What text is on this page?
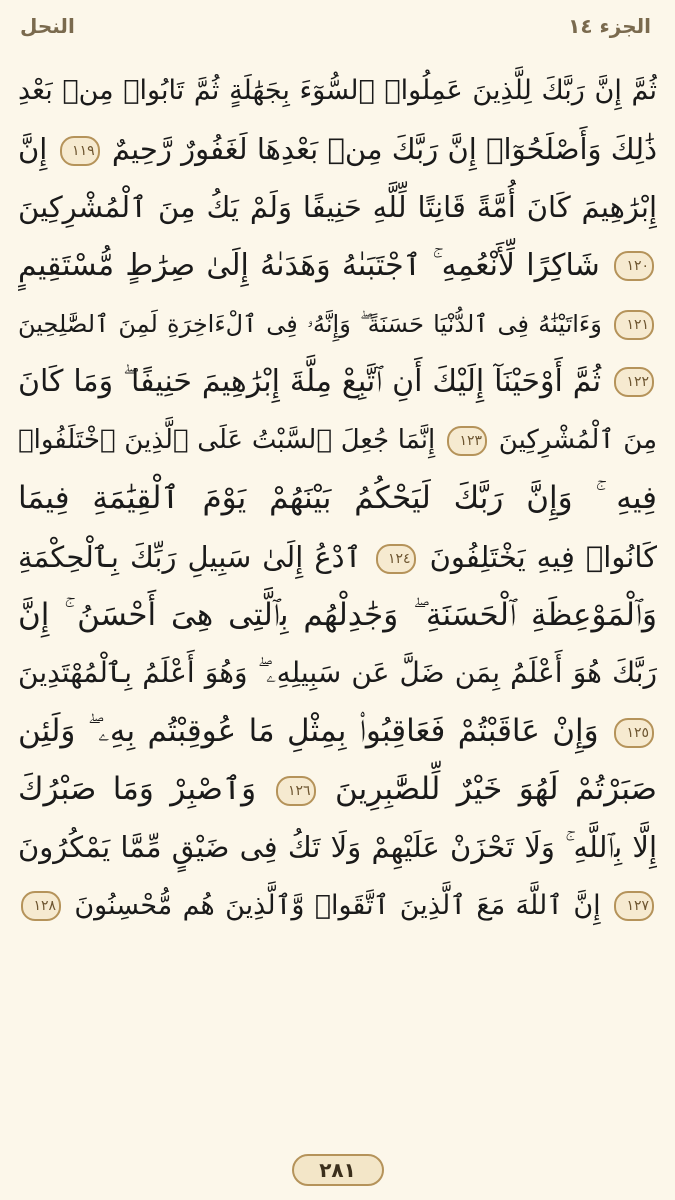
النحل	الجزء ١٤
ثُمَّ إِنَّ رَبَّكَ لِلَّذِينَ عَمِلُوا۟ ٱلسُّوٓءَ بِجَهَٰلَةٍ ثُمَّ تَابُوا۟ مِنۢ بَعْدِ
ذَٰلِكَ وَأَصْلَحُوٓا۟ إِنَّ رَبَّكَ مِنۢ بَعْدِهَا لَغَفُورٌ رَّحِيمٌ ١١٩ إِنَّ
إِبْرَٰهِيمَ كَانَ أُمَّةً قَانِتًا لِّلَّهِ حَنِيفًا وَلَمْ يَكُ مِنَ ٱلْمُشْرِكِينَ
١٢٠ شَاكِرًا لِّأَنْعُمِهِ ۚ ٱجْتَبَىٰهُ وَهَدَىٰهُ إِلَىٰ صِرَٰطٍ مُّسْتَقِيمٍ
١٢١ وَءَاتَيْنَٰهُ فِى ٱلدُّنْيَا حَسَنَةً ۖ وَإِنَّهُۥ فِى ٱلْءَاخِرَةِ لَمِنَ ٱلصَّٰلِحِينَ
١٢٢ ثُمَّ أَوْحَيْنَآ إِلَيْكَ أَنِ ٱتَّبِعْ مِلَّةَ إِبْرَٰهِيمَ حَنِيفًا ۖ وَمَا كَانَ
مِنَ ٱلْمُشْرِكِينَ ١٢٣ إِنَّمَا جُعِلَ ٱلسَّبْتُ عَلَى ٱلَّذِينَ ٱخْتَلَفُوا۟
فِيهِ ۚ وَإِنَّ رَبَّكَ لَيَحْكُمُ بَيْنَهُمْ يَوْمَ ٱلْقِيَٰمَةِ فِيمَا
كَانُوا۟ فِيهِ يَخْتَلِفُونَ ١٢٤ ٱدْعُ إِلَىٰ سَبِيلِ رَبِّكَ بِٱلْحِكْمَةِ
وَٱلْمَوْعِظَةِ ٱلْحَسَنَةِ ۖ وَجَٰدِلْهُم بِٱلَّتِى هِىَ أَحْسَنُ ۚ إِنَّ
رَبَّكَ هُوَ أَعْلَمُ بِمَن ضَلَّ عَن سَبِيلِهِۦ ۖ وَهُوَ أَعْلَمُ بِٱلْمُهْتَدِينَ
١٢٥ وَإِنْ عَاقَبْتُمْ فَعَاقِبُوا۟ بِمِثْلِ مَا عُوقِبْتُم بِهِۦ ۖ وَلَئِن
صَبَرْتُمْ لَهُوَ خَيْرٌ لِّلصَّٰبِرِينَ ١٢٦ وَٱصْبِرْ وَمَا صَبْرُكَ
إِلَّا بِٱللَّهِ ۚ وَلَا تَحْزَنْ عَلَيْهِمْ وَلَا تَكُ فِى ضَيْقٍ مِّمَّا يَمْكُرُونَ
١٢٧ إِنَّ ٱللَّهَ مَعَ ٱلَّذِينَ ٱتَّقَوا۟ وَّٱلَّذِينَ هُم مُّحْسِنُونَ ١٢٨
٢٨١
